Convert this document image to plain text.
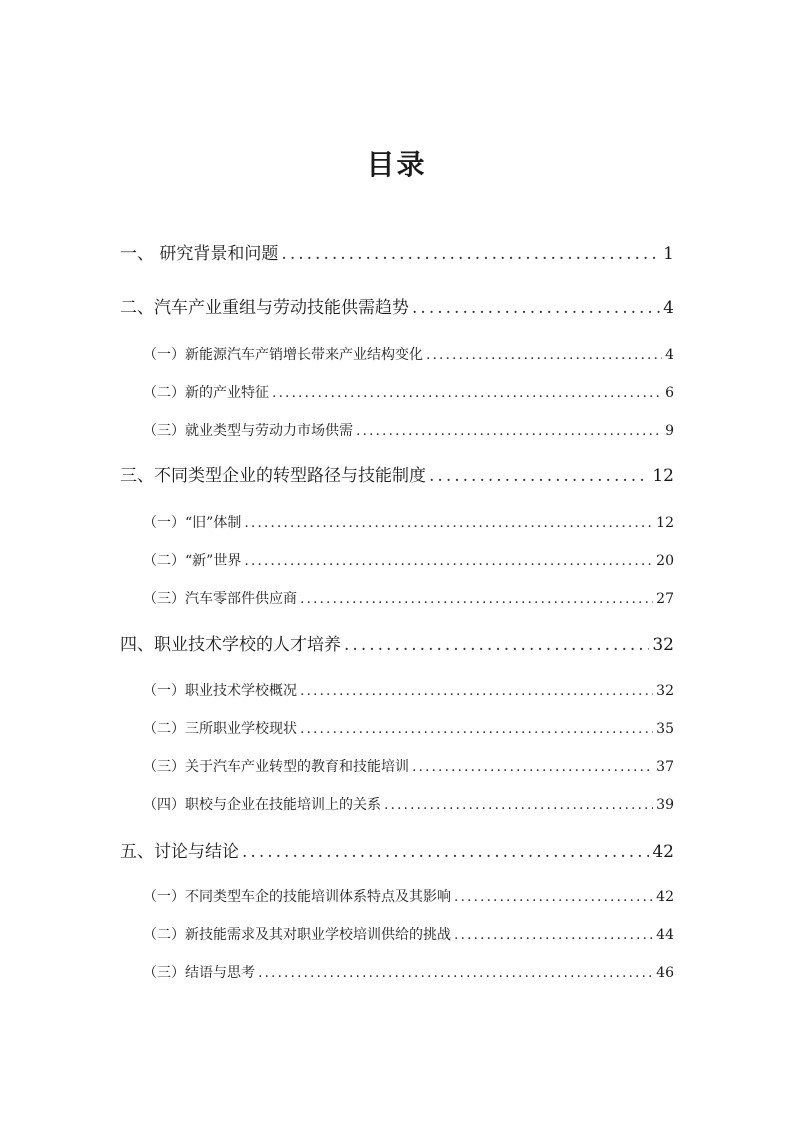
目录
一、 研究背景和问题 . . .	1
二、汽车产业重组与劳动技能供需趋势 . . .	4
（一）新能源汽车产销增长带来产业结构变化 . . .	4
（二）新的产业特征 . . .	6
（三）就业类型与劳动力市场供需 . . .	9
三、不同类型企业的转型路径与技能制度 . . .	12
（一）“旧”体制 . . .	12
（二）“新”世界 . . .	20
（三）汽车零部件供应商 . . .	27
四、职业技术学校的人才培养 . . .	32
（一）职业技术学校概况 . . .	32
（二）三所职业学校现状 . . .	35
（三）关于汽车产业转型的教育和技能培训 . . .	37
（四）职校与企业在技能培训上的关系 . . .	39
五、讨论与结论 . . .	42
（一）不同类型车企的技能培训体系特点及其影响 . . .	42
（二）新技能需求及其对职业学校培训供给的挑战 . . .	44
（三）结语与思考 . . .	46
